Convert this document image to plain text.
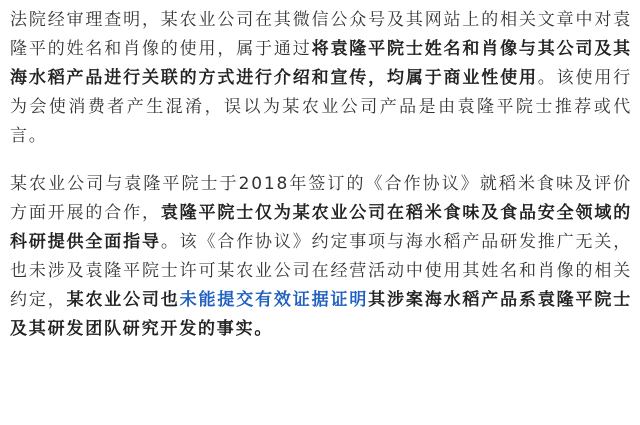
法院经审理查明，某农业公司在其微信公众号及其网站上的相关文章中对袁隆平的姓名和肖像的使用，属于通过将袁隆平院士姓名和肖像与其公司及其海水稻产品进行关联的方式进行介绍和宣传，均属于商业性使用。该使用行为会使消费者产生混淆，误以为某农业公司产品是由袁隆平院士推荐或代言。

某农业公司与袁隆平院士于2018年签订的《合作协议》就稻米食味及评价方面开展的合作，袁隆平院士仅为某农业公司在稻米食味及食品安全领域的科研提供全面指导。该《合作协议》约定事项与海水稻产品研发推广无关，也未涉及袁隆平院士许可某农业公司在经营活动中使用其姓名和肖像的相关约定，某农业公司也未能提交有效证据证明其涉案海水稻产品系袁隆平院士及其研发团队研究开发的事实。
